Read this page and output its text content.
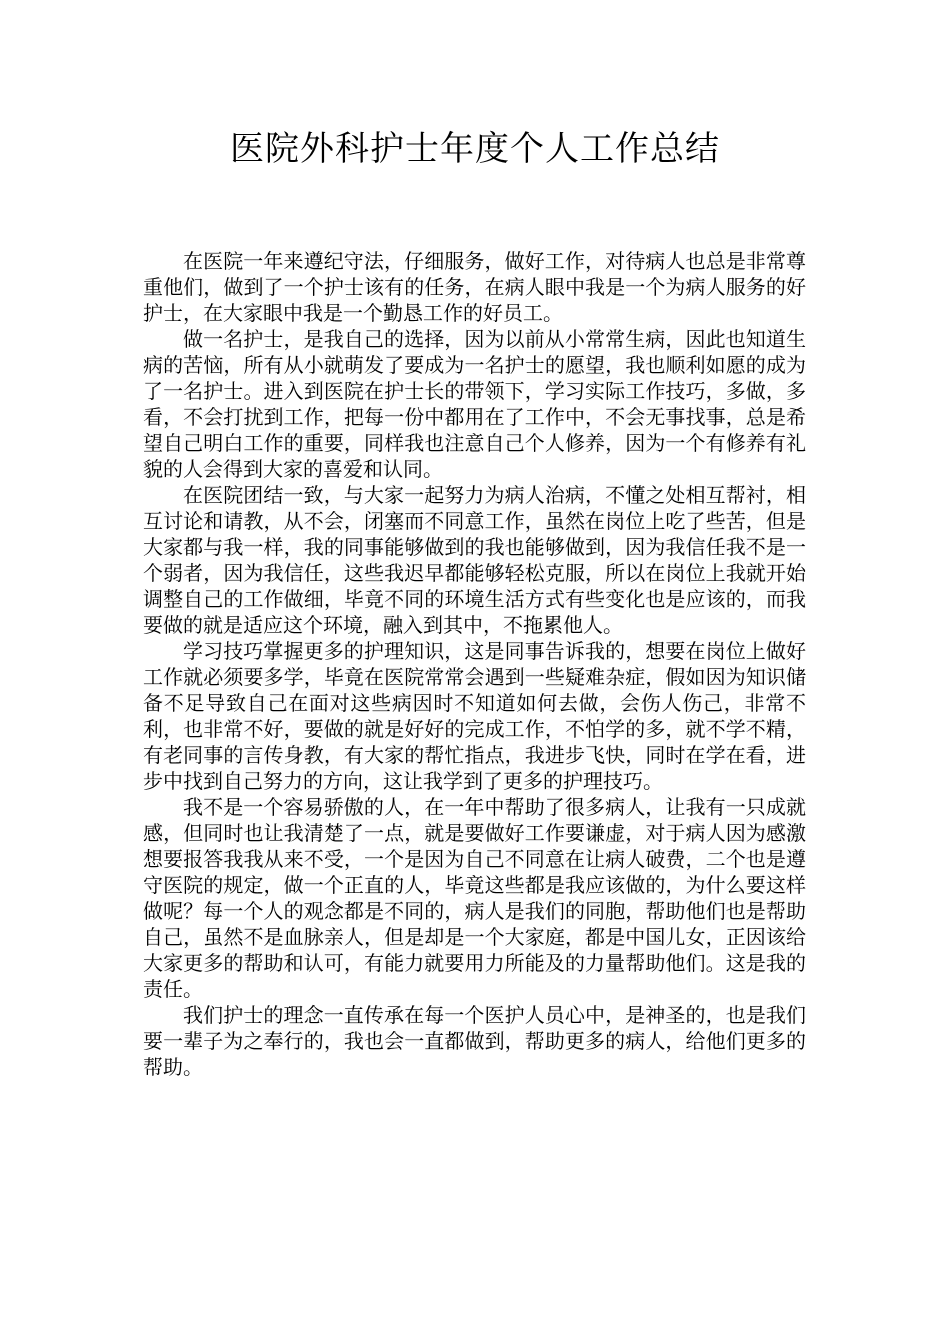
医院外科护士年度个人工作总结

在医院一年来遵纪守法，仔细服务，做好工作，对待病人也总是非常尊重他们，做到了一个护士该有的任务，在病人眼中我是一个为病人服务的好护士，在大家眼中我是一个勤恳工作的好员工。

做一名护士，是我自己的选择，因为以前从小常常生病，因此也知道生病的苦恼，所有从小就萌发了要成为一名护士的愿望，我也顺利如愿的成为了一名护士。进入到医院在护士长的带领下，学习实际工作技巧，多做，多看，不会打扰到工作，把每一份中都用在了工作中，不会无事找事，总是希望自己明白工作的重要，同样我也注意自己个人修养，因为一个有修养有礼貌的人会得到大家的喜爱和认同。

在医院团结一致，与大家一起努力为病人治病，不懂之处相互帮衬，相互讨论和请教，从不会，闭塞而不同意工作，虽然在岗位上吃了些苦，但是大家都与我一样，我的同事能够做到的我也能够做到，因为我信任我不是一个弱者，因为我信任，这些我迟早都能够轻松克服，所以在岗位上我就开始调整自己的工作做细，毕竟不同的环境生活方式有些变化也是应该的，而我要做的就是适应这个环境，融入到其中，不拖累他人。

学习技巧掌握更多的护理知识，这是同事告诉我的，想要在岗位上做好工作就必须要多学，毕竟在医院常常会遇到一些疑难杂症，假如因为知识储备不足导致自己在面对这些病因时不知道如何去做，会伤人伤己，非常不利，也非常不好，要做的就是好好的完成工作，不怕学的多，就不学不精，有老同事的言传身教，有大家的帮忙指点，我进步飞快，同时在学在看，进步中找到自己努力的方向，这让我学到了更多的护理技巧。

我不是一个容易骄傲的人，在一年中帮助了很多病人，让我有一只成就感，但同时也让我清楚了一点，就是要做好工作要谦虚，对于病人因为感激想要报答我我从来不受，一个是因为自己不同意在让病人破费，二个也是遵守医院的规定，做一个正直的人，毕竟这些都是我应该做的，为什么要这样做呢？每一个人的观念都是不同的，病人是我们的同胞，帮助他们也是帮助自己，虽然不是血脉亲人，但是却是一个大家庭，都是中国儿女，正因该给大家更多的帮助和认可，有能力就要用力所能及的力量帮助他们。这是我的责任。

我们护士的理念一直传承在每一个医护人员心中，是神圣的，也是我们要一辈子为之奉行的，我也会一直都做到，帮助更多的病人，给他们更多的帮助。
